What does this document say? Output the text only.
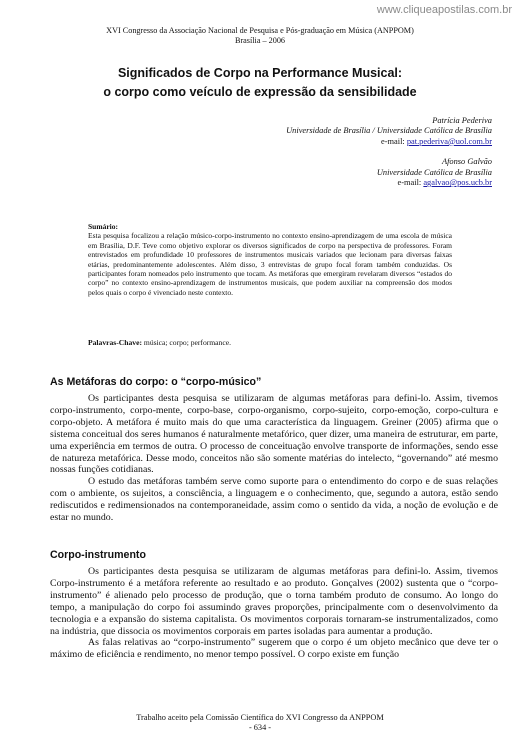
www.cliqueapostilas.com.br
XVI Congresso da Associação Nacional de Pesquisa e Pós-graduação em Música (ANPPOM)
Brasília – 2006
Significados de Corpo na Performance Musical:
o corpo como veículo de expressão da sensibilidade
Patrícia Pederiva
Universidade de Brasília / Universidade Católica de Brasília
e-mail: pat.pederiva@uol.com.br
Afonso Galvão
Universidade Católica de Brasília
e-mail: agalvao@pos.ucb.br
Sumário:
Esta pesquisa focalizou a relação músico-corpo-instrumento no contexto ensino-aprendizagem de uma escola de música em Brasília, D.F. Teve como objetivo explorar os diversos significados de corpo na perspectiva de professores. Foram entrevistados em profundidade 10 professores de instrumentos musicais variados que lecionam para diversas faixas etárias, predominantemente adolescentes. Além disso, 3 entrevistas de grupo focal foram também conduzidas. Os participantes foram nomeados pelo instrumento que tocam. As metáforas que emergiram revelaram diversos “estados do corpo” no contexto ensino-aprendizagem de instrumentos musicais, que podem auxiliar na compreensão dos modos pelos quais o corpo é vivenciado neste contexto.
Palavras-Chave: música; corpo; performance.
As Metáforas do corpo: o “corpo-músico”

Os participantes desta pesquisa se utilizaram de algumas metáforas para defini-lo. Assim, tivemos corpo-instrumento, corpo-mente, corpo-base, corpo-organismo, corpo-sujeito, corpo-emoção, corpo-cultura e corpo-objeto. A metáfora é muito mais do que uma característica da linguagem. Greiner (2005) afirma que o sistema conceitual dos seres humanos é naturalmente metafórico, quer dizer, uma maneira de estruturar, em parte, uma experiência em termos de outra. O processo de conceituação envolve transporte de informações, sendo esse de natureza metafórica. Desse modo, conceitos não são somente matérias do intelecto, “governando” até mesmo nossas funções cotidianas.

O estudo das metáforas também serve como suporte para o entendimento do corpo e de suas relações com o ambiente, os sujeitos, a consciência, a linguagem e o conhecimento, que, segundo a autora, estão sendo rediscutidos e redimensionados na contemporaneidade, assim como o sentido da vida, a noção de evolução e de estar no mundo.

Corpo-instrumento

Os participantes desta pesquisa se utilizaram de algumas metáforas para defini-lo. Assim, tivemos Corpo-instrumento é a metáfora referente ao resultado e ao produto. Gonçalves (2002) sustenta que o “corpo-instrumento” é alienado pelo processo de produção, que o torna também produto de consumo. Ao longo do tempo, a manipulação do corpo foi assumindo graves proporções, principalmente com o desenvolvimento da tecnologia e a expansão do sistema capitalista. Os movimentos corporais tornaram-se instrumentalizados, como na indústria, que dissocia os movimentos corporais em partes isoladas para aumentar a produção.

As falas relativas ao “corpo-instrumento” sugerem que o corpo é um objeto mecânico que deve ter o máximo de eficiência e rendimento, no menor tempo possível. O corpo existe em função

Trabalho aceito pela Comissão Científica do XVI Congresso da ANPPOM
- 634 -
